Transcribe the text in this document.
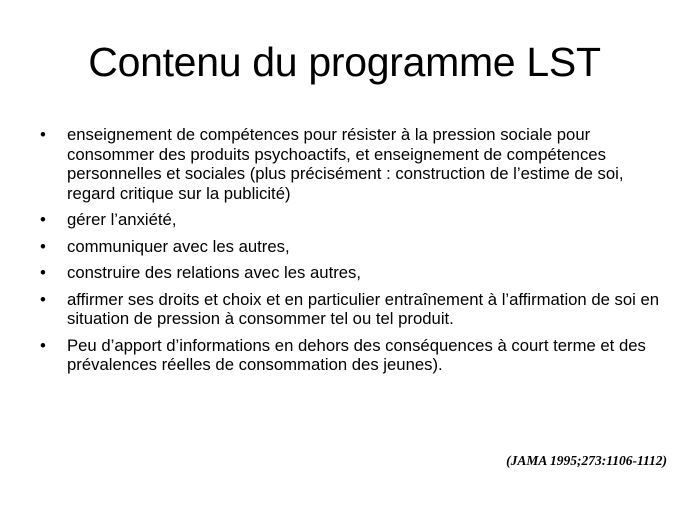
Contenu du programme LST
•	enseignement de compétences pour résister à la pression sociale pour consommer des produits psychoactifs, et enseignement de compétences personnelles et sociales (plus précisément : construction de l’estime de soi, regard critique sur la publicité)
•	gérer l’anxiété,
•	communiquer avec les autres,
•	construire des relations avec les autres,
•	affirmer ses droits et choix et en particulier entraînement à l’affirmation de soi en situation de pression à consommer tel ou tel produit.
•	Peu d’apport d’informations en dehors des conséquences à court terme et des prévalences réelles de consommation des jeunes).
(JAMA 1995;273:1106-1112)
